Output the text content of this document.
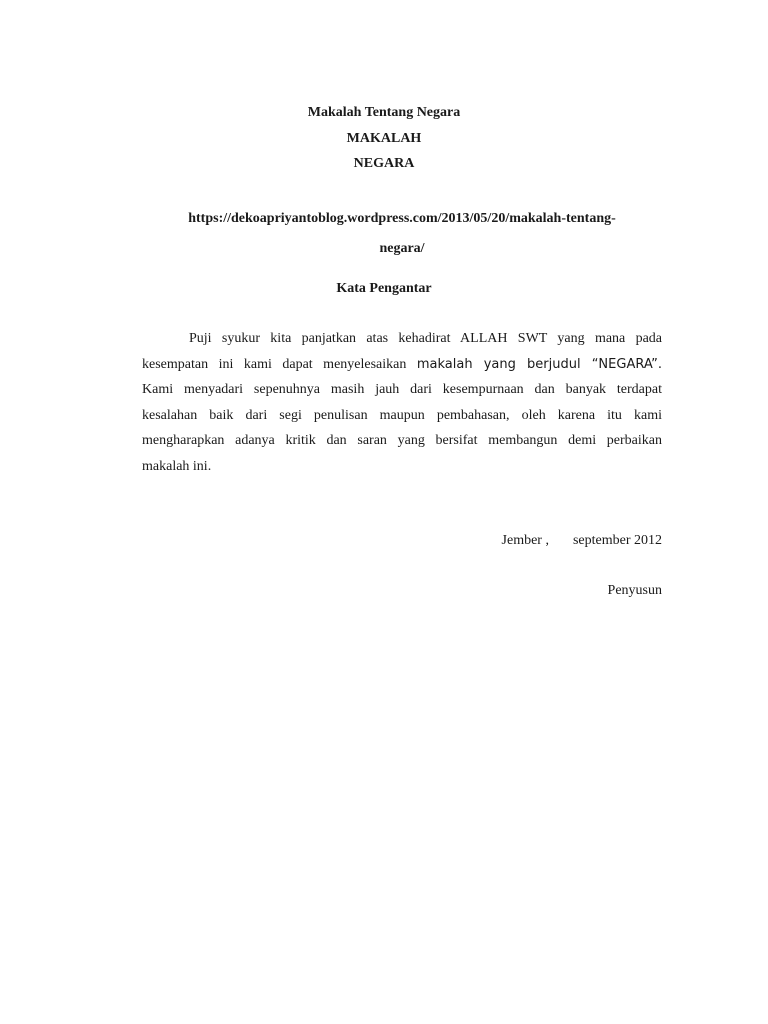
Makalah Tentang Negara
MAKALAH
NEGARA
https://dekoapriyantoblog.wordpress.com/2013/05/20/makalah-tentang-
negara/
Kata Pengantar
Puji syukur kita panjatkan atas kehadirat ALLAH SWT yang mana pada
kesempatan ini kami dapat menyelesaikan makalah yang berjudul “NEGARA”.
Kami menyadari sepenuhnya masih jauh dari kesempurnaan dan banyak terdapat
kesalahan baik dari segi penulisan maupun pembahasan, oleh karena itu kami
mengharapkan adanya kritik dan saran yang bersifat membangun demi perbaikan
makalah ini.
Jember , september 2012
Penyusun
